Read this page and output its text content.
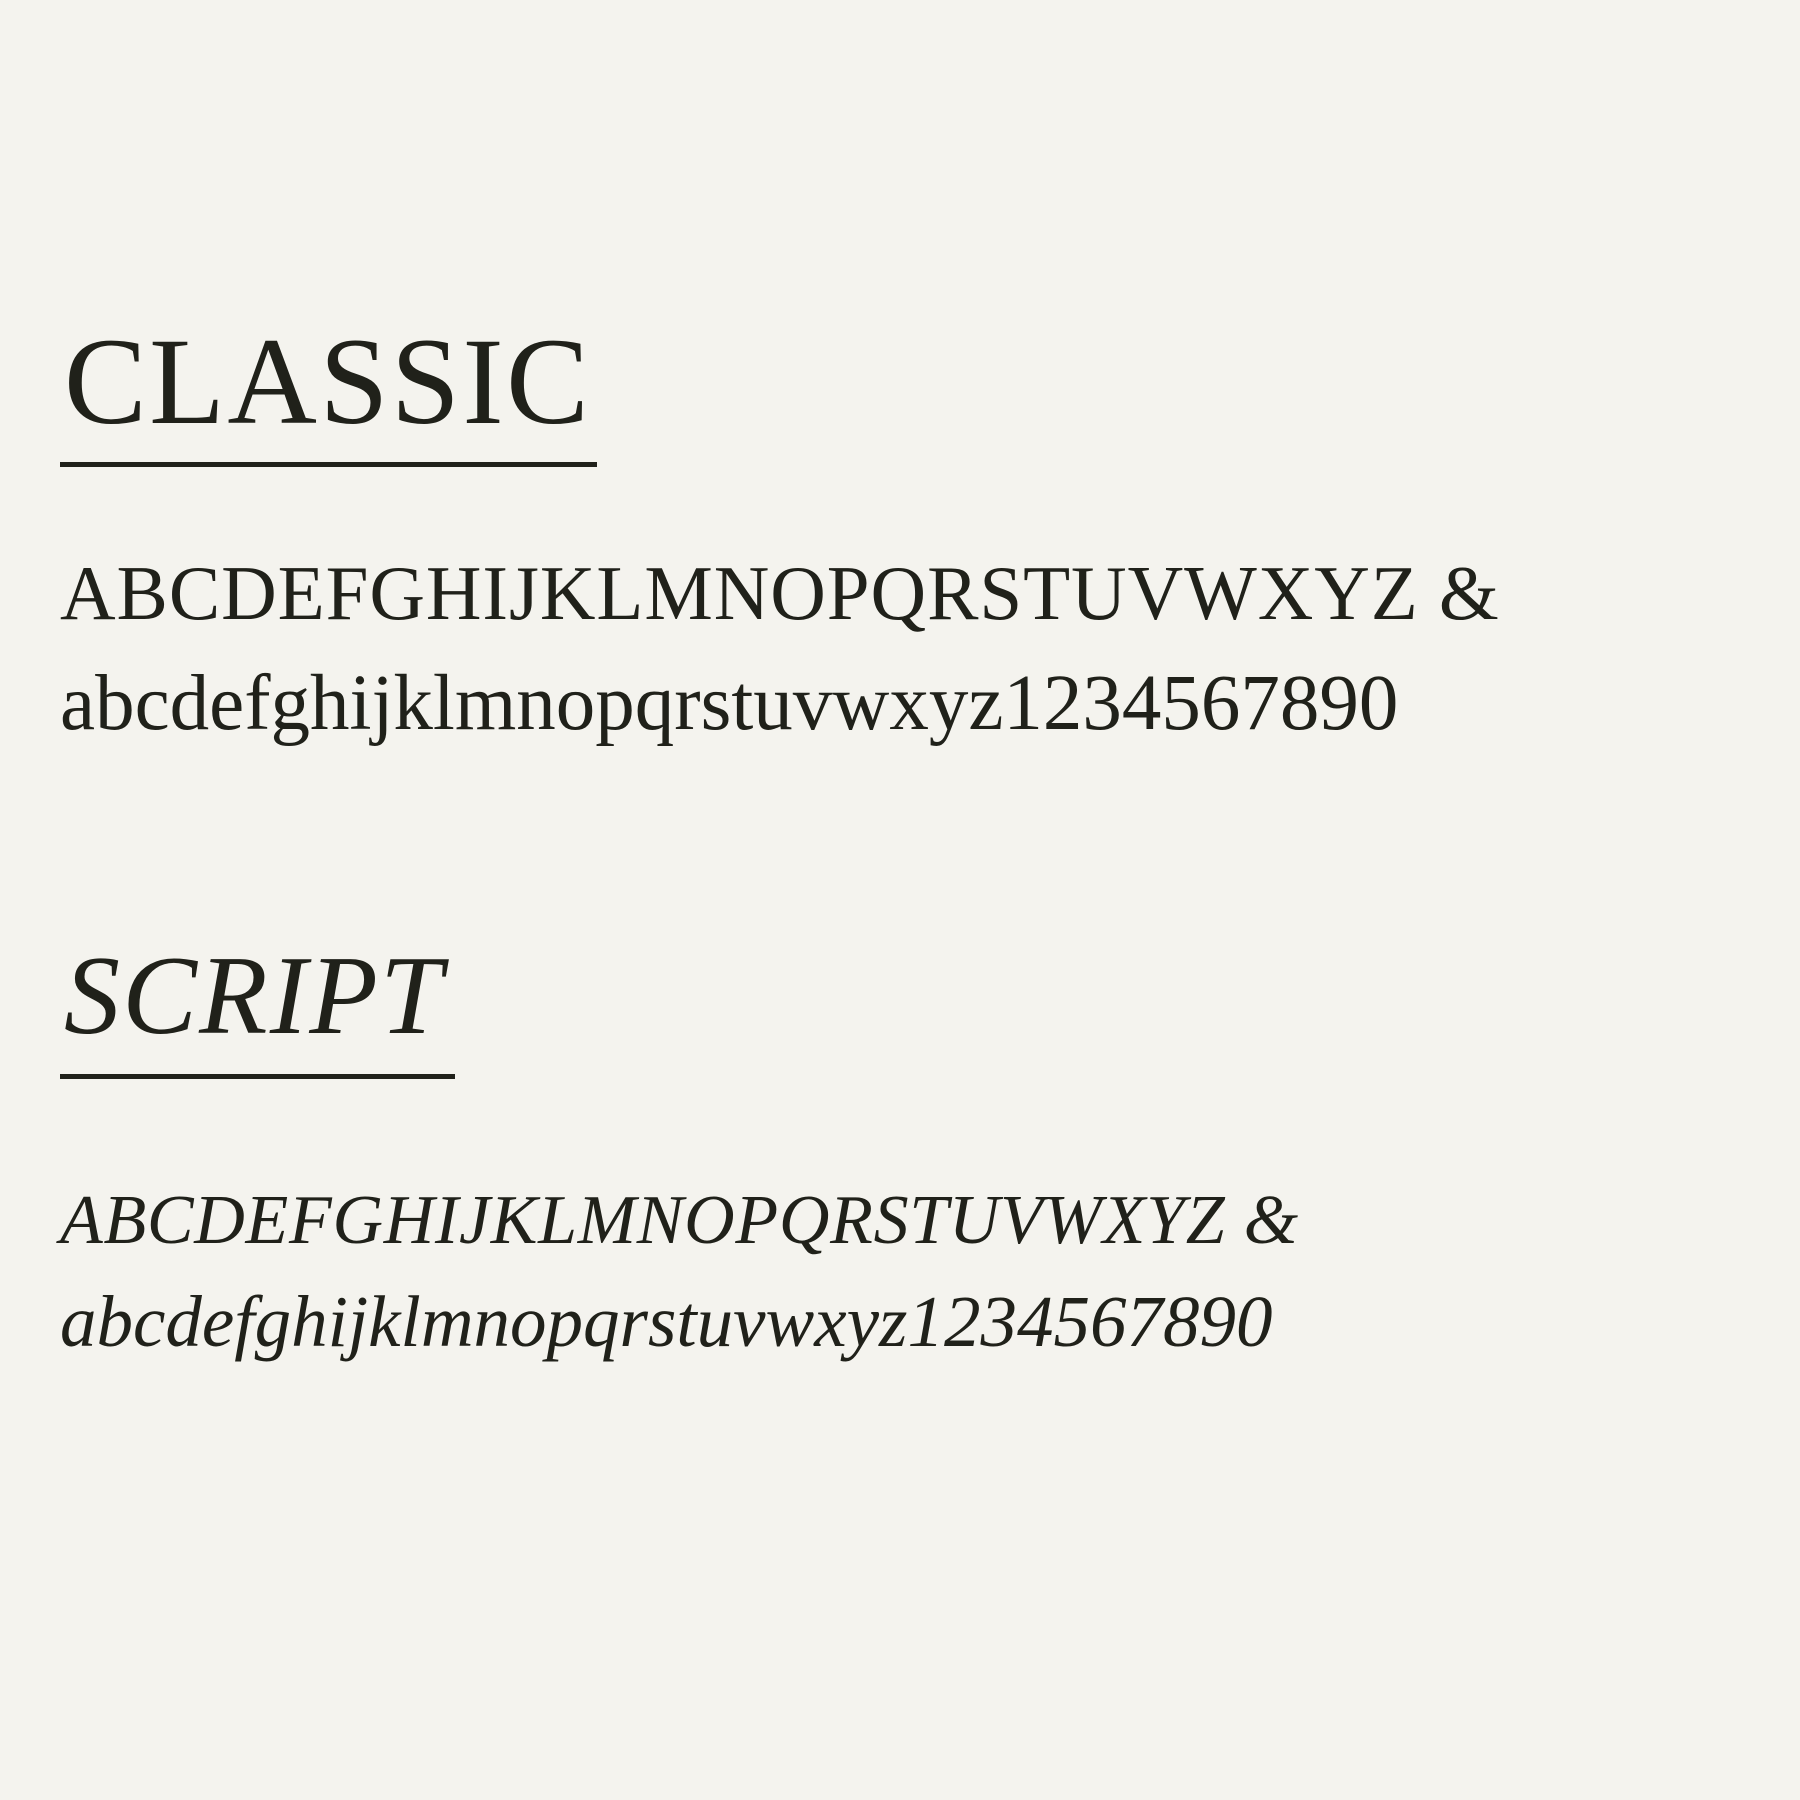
CLASSIC

ABCDEFGHIJKLMNOPQRSTUVWXYZ &

abcdefghijklmnopqrstuvwxyz1234567890

SCRIPT

ABCDEFGHIJKLMNOPQRSTUVWXYZ &

abcdefghijklmnopqrstuvwxyz1234567890
